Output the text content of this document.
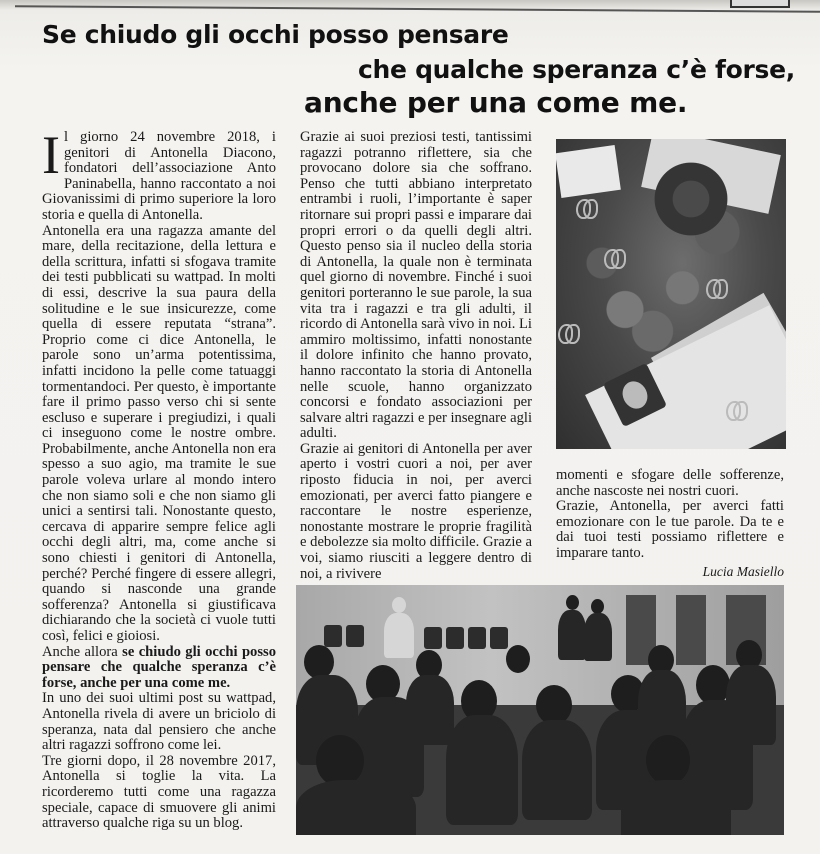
Se chiudo gli occhi posso pensare
che qualche speranza c’è forse,
anche per una come me.

Il giorno 24 novembre 2018, i genitori di Antonella Diacono, fondatori dell’associazione Anto Paninabella, hanno raccontato a noi Giovanissimi di primo superiore la loro storia e quella di Antonella.

Antonella era una ragazza amante del mare, della recitazione, della lettura e della scrittura, infatti si sfogava tramite dei testi pubblicati su wattpad. In molti di essi, descrive la sua paura della solitudine e le sue insicurezze, come quella di essere reputata “strana”. Proprio come ci dice Antonella, le parole sono un’arma potentissima, infatti incidono la pelle come tatuaggi tormentandoci. Per questo, è importante fare il primo passo verso chi si sente escluso e superare i pregiudizi, i quali ci inseguono come le nostre ombre. Probabilmente, anche Antonella non era spesso a suo agio, ma tramite le sue parole voleva urlare al mondo intero che non siamo soli e che non siamo gli unici a sentirsi tali. Nonostante questo, cercava di apparire sempre felice agli occhi degli altri, ma, come anche si sono chiesti i genitori di Antonella, perché? Perché fingere di essere allegri, quando si nasconde una grande sofferenza? Antonella si giustificava dichiarando che la società ci vuole tutti così, felici e gioiosi.

Anche allora se chiudo gli occhi posso pensare che qualche speranza c’è forse, anche per una come me.

In uno dei suoi ultimi post su wattpad, Antonella rivela di avere un briciolo di speranza, nata dal pensiero che anche altri ragazzi soffrono come lei.

Tre giorni dopo, il 28 novembre 2017, Antonella si toglie la vita. La ricorderemo tutti come una ragazza speciale, capace di smuovere gli animi attraverso qualche riga su un blog.

Grazie ai suoi preziosi testi, tantissimi ragazzi potranno riflettere, sia che provocano dolore sia che soffrano. Penso che tutti abbiano interpretato entrambi i ruoli, l’importante è saper ritornare sui propri passi e imparare dai propri errori o da quelli degli altri. Questo penso sia il nucleo della storia di Antonella, la quale non è terminata quel giorno di novembre. Finché i suoi genitori porteranno le sue parole, la sua vita tra i ragazzi e tra gli adulti, il ricordo di Antonella sarà vivo in noi. Li ammiro moltissimo, infatti nonostante il dolore infinito che hanno provato, hanno raccontato la storia di Antonella nelle scuole, hanno organizzato concorsi e fondato associazioni per salvare altri ragazzi e per insegnare agli adulti.

Grazie ai genitori di Antonella per aver aperto i vostri cuori a noi, per aver riposto fiducia in noi, per averci emozionati, per averci fatto piangere e raccontare le nostre esperienze, nonostante mostrare le proprie fragilità e debolezze sia molto difficile. Grazie a voi, siamo riusciti a leggere dentro di noi, a rivivere

momenti e sfogare delle sofferenze, anche nascoste nei nostri cuori.

Grazie, Antonella, per averci fatti emozionare con le tue parole. Da te e dai tuoi testi possiamo riflettere e imparare tanto.

Lucia Masiello
